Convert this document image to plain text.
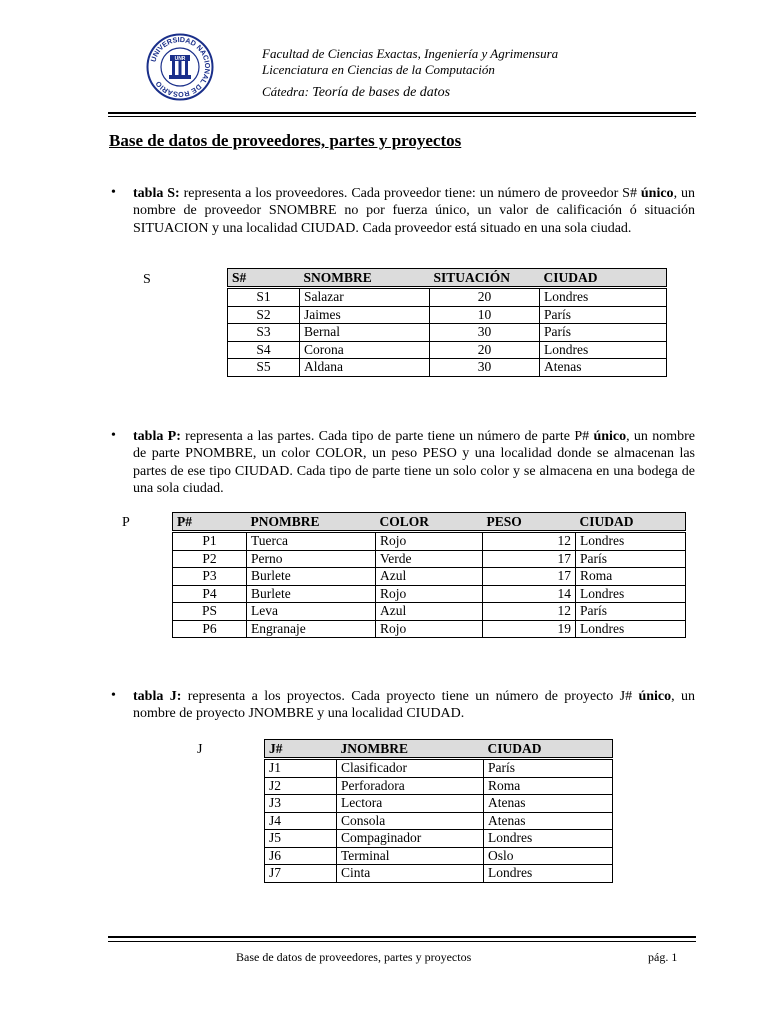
UNIVERSIDAD NACIONAL DE ROSARIO
UNR	Facultad de Ciencias Exactas, Ingeniería y Agrimensura
Licenciatura en Ciencias de la Computación
Cátedra: Teoría de bases de datos
Base de datos de proveedores, partes y proyectos
• tabla S: representa a los proveedores. Cada proveedor tiene: un número de proveedor S# único, un nombre de proveedor SNOMBRE no por fuerza único, un valor de calificación ó situación SITUACION y una localidad CIUDAD. Cada proveedor está situado en una sola ciudad.
S	S#	SNOMBRE	SITUACIÓN	CIUDAD
S1	Salazar	20	Londres
S2	Jaimes	10	París
S3	Bernal	30	París
S4	Corona	20	Londres
S5	Aldana	30	Atenas
• tabla P: representa a las partes. Cada tipo de parte tiene un número de parte P# único, un nombre de parte PNOMBRE, un color COLOR, un peso PESO y una localidad donde se almacenan las partes de ese tipo CIUDAD. Cada tipo de parte tiene un solo color y se almacena en una bodega de una sola ciudad.
P	P#	PNOMBRE	COLOR	PESO	CIUDAD
P1	Tuerca	Rojo	12	Londres
P2	Perno	Verde	17	París
P3	Burlete	Azul	17	Roma
P4	Burlete	Rojo	14	Londres
PS	Leva	Azul	12	París
P6	Engranaje	Rojo	19	Londres
• tabla J: representa a los proyectos. Cada proyecto tiene un número de proyecto J# único, un nombre de proyecto JNOMBRE y una localidad CIUDAD.
J	J#	JNOMBRE	CIUDAD
J1	Clasificador	París
J2	Perforadora	Roma
J3	Lectora	Atenas
J4	Consola	Atenas
J5	Compaginador	Londres
J6	Terminal	Oslo
J7	Cinta	Londres
Base de datos de proveedores, partes y proyectos	pág. 1
